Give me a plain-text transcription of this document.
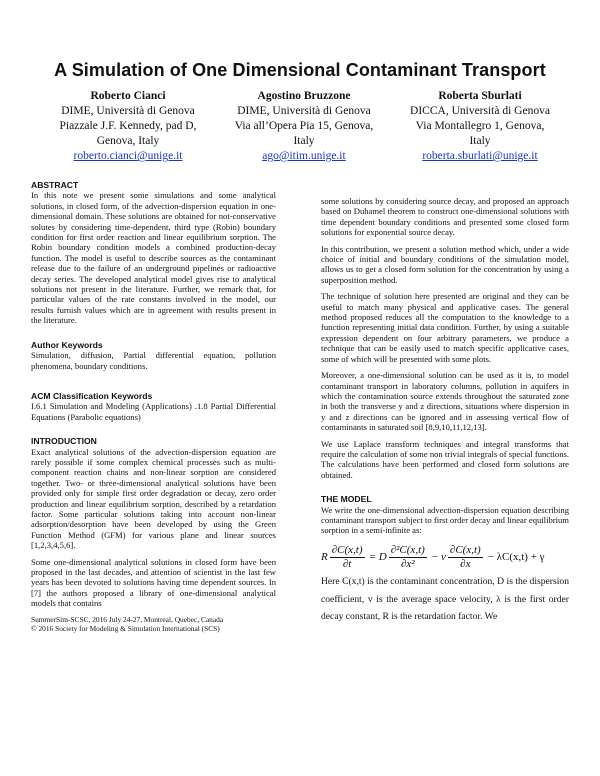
A Simulation of One Dimensional Contaminant Transport
Roberto Cianci
DIME, Università di Genova
Piazzale J.F. Kennedy, pad D,
Genova, Italy
roberto.cianci@unige.it
Agostino Bruzzone
DIME, Università di Genova
Via all’Opera Pia 15, Genova,
Italy
ago@itim.unige.it
Roberta Sburlati
DICCA, Università di Genova
Via Montallegro 1, Genova,
Italy
roberta.sburlati@unige.it
ABSTRACT
In this note we present some simulations and some analytical solutions, in closed form, of the advection-dispersion equation in one-dimensional domain. These solutions are obtained for not-conservative solutes by considering time-dependent, third type (Robin) boundary condition for first order reaction and linear equilibrium sorption. The Robin boundary condition models a combined production-decay function. The model is useful to describe sources as the contaminant release due to the failure of an underground pipelines or radioactive decay series. The developed analytical model gives rise to analytical solutions not present in the literature. Further, we remark that, for particular values of the rate constants involved in the model, our results furnish values which are in agreement with results present in the literature.
Author Keywords
Simulation, diffusion, Partial differential equation, pollution phenomena, boundary conditions.
ACM Classification Keywords
I.6.1 Simulation and Modeling (Applications) .1.8 Partial Differential Equations (Parabolic equations)
INTRODUCTION
Exact analytical solutions of the advection-dispersion equation are rarely possible if some complex chemical processes such as multi-component reaction chains and non-linear sorption are considered together. Two- or three-dimensional analytical solutions have been provided only for simple first order degradation or decay, zero order production and linear equilibrium sorption, described by a retardation factor. Some particular solutions taking into account non-linear adsorption/desorption have been developed by using the Green Function Method (GFM) for various plane and linear sources [1,2,3,4,5,6].
Some one-dimensional analytical solutions in closed form have been proposed in the last decades, and attention of scientist in the last few years has been devoted to solutions having time dependent sources. In [7] the authors proposed a library of one-dimensional analytical models that contains
SummerSim-SCSC, 2016 July 24-27, Montreal, Quebec, Canada
© 2016 Society for Modeling & Simulation International (SCS)
some solutions by considering source decay, and proposed an approach based on Duhamel theorem to construct one-dimensional solutions with time dependent boundary conditions and presented some closed form solutions for exponential source decay.
In this contribution, we present a solution method which, under a wide choice of initial and boundary conditions of the simulation model, allows us to get a closed form solution for the concentration by using a superposition method.
The technique of solution here presented are original and they can be useful to match many physical and applicative cases. The general method proposed reduces all the computation to the knowledge to a function representing initial data condition. Further, by using a suitable expression dependent on four arbitrary parameters, we produce a technique that can be easily used to match specific applicative cases, some of which will be presented with some plots.
Moreover, a one-dimensional solution can be used as it is, to model contaminant transport in laboratory columns, pollution in aquifers in which the contamination source extends throughout the saturated zone in both the transverse y and z directions, situations where dispersion in y and z directions can be ignored and in assessing vertical flow of contaminants in saturated soil [8,9,10,11,12,13].
We use Laplace transform techniques and integral transforms that require the calculation of some non trivial integrals of special functions. The calculations have been performed and closed form solutions are obtained.
THE MODEL
We write the one-dimensional advection-dispersion equation describing contaminant transport subject to first order decay and linear equilibrium sorption in a semi-infinite as:
R $\frac{\partial C(x,t)}{\partial t} = D \frac{\text{∂²C(x,t)}}{\text{∂x²}} - v \frac{\partial C(x,t)}{\partial x} - \lambda C(x,t) + \gamma$
Here C(x,t) is the contaminant concentration, D is the dispersion coefficient, v is the average space velocity, λ is the first order decay constant, R is the retardation factor. We
